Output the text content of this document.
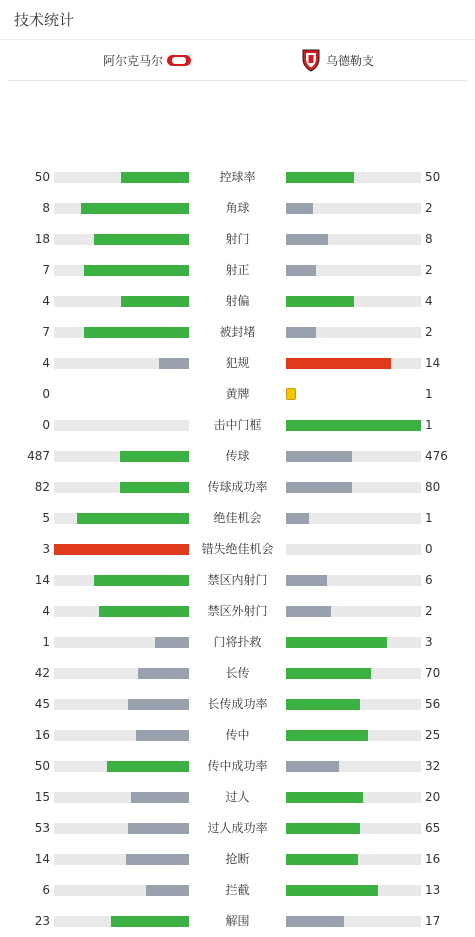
技术统计
阿尔克马尔	乌德勒支
50	控球率	50
8	角球	2
18	射门	8
7	射正	2
4	射偏	4
7	被封堵	2
4	犯规	14
0	黄牌	1
0	击中门框	1
487	传球	476
82	传球成功率	80
5	绝佳机会	1
3	错失绝佳机会	0
14	禁区内射门	6
4	禁区外射门	2
1	门将扑救	3
42	长传	70
45	长传成功率	56
16	传中	25
50	传中成功率	32
15	过人	20
53	过人成功率	65
14	抢断	16
6	拦截	13
23	解围	17
